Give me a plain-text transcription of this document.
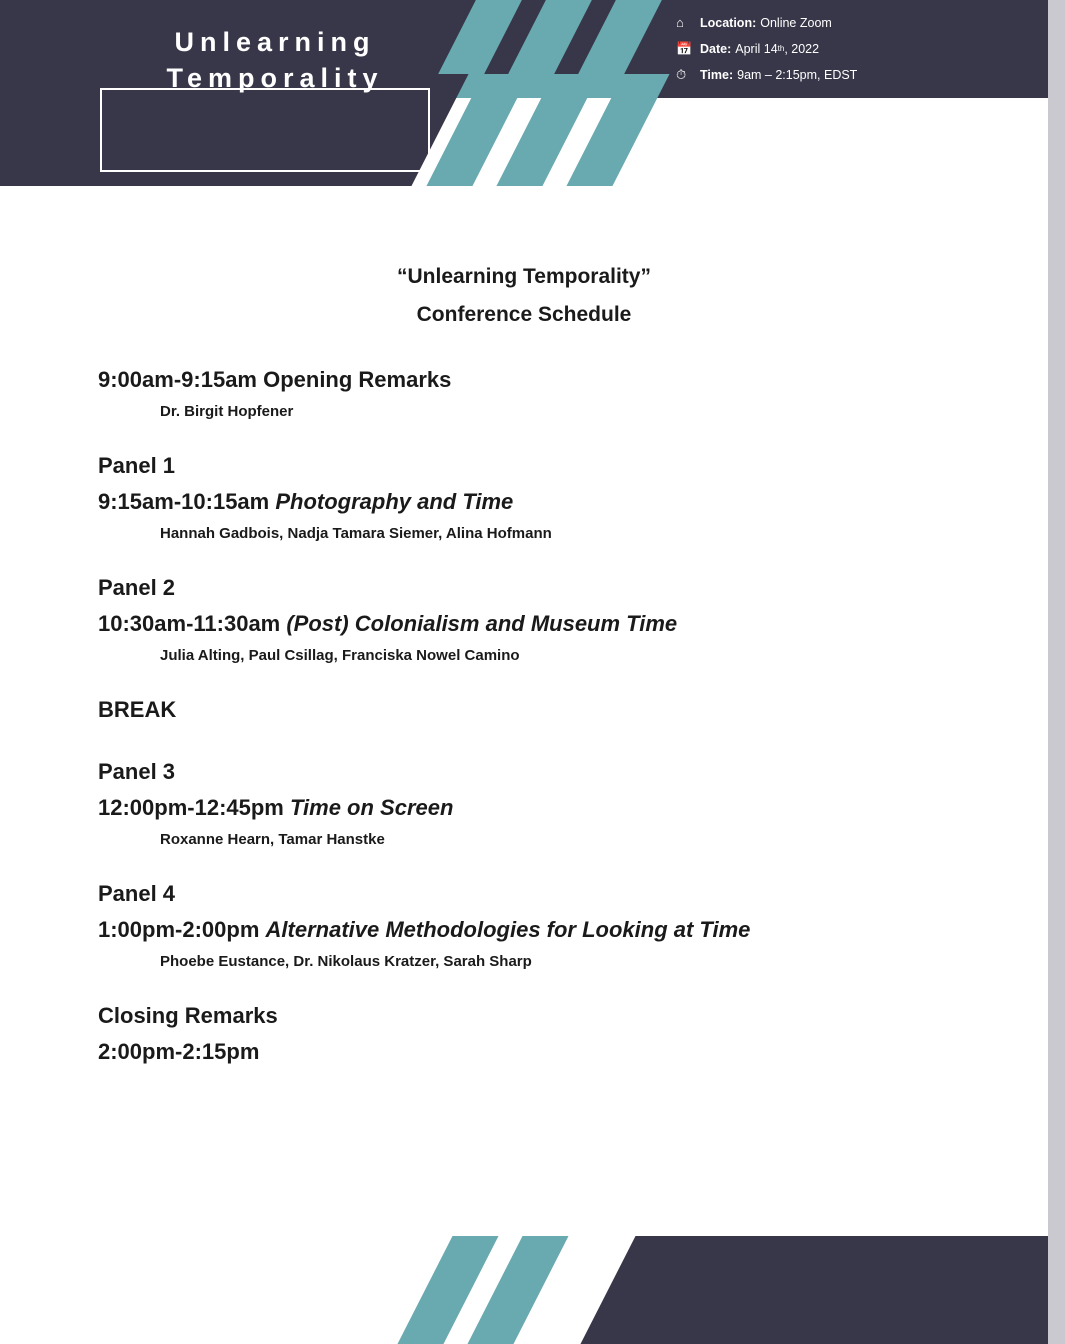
⌂	Location: Online Zoom
📅 Date: April 14 th , 2022
⏱	Time: 9am – 2:15pm, EDST
Unlearning
Temporality
“Unlearning Temporality”
Conference Schedule
9:00am-9:15am Opening Remarks
Dr. Birgit Hopfener
Panel 1
9:15am-10:15am Photography and Time
Hannah Gadbois, Nadja Tamara Siemer, Alina Hofmann
Panel 2
10:30am-11:30am (Post) Colonialism and Museum Time
Julia Alting, Paul Csillag, Franciska Nowel Camino
BREAK
Panel 3
12:00pm-12:45pm Time on Screen
Roxanne Hearn, Tamar Hanstke
Panel 4
1:00pm-2:00pm Alternative Methodologies for Looking at Time
Phoebe Eustance, Dr. Nikolaus Kratzer, Sarah Sharp
Closing Remarks
2:00pm-2:15pm
